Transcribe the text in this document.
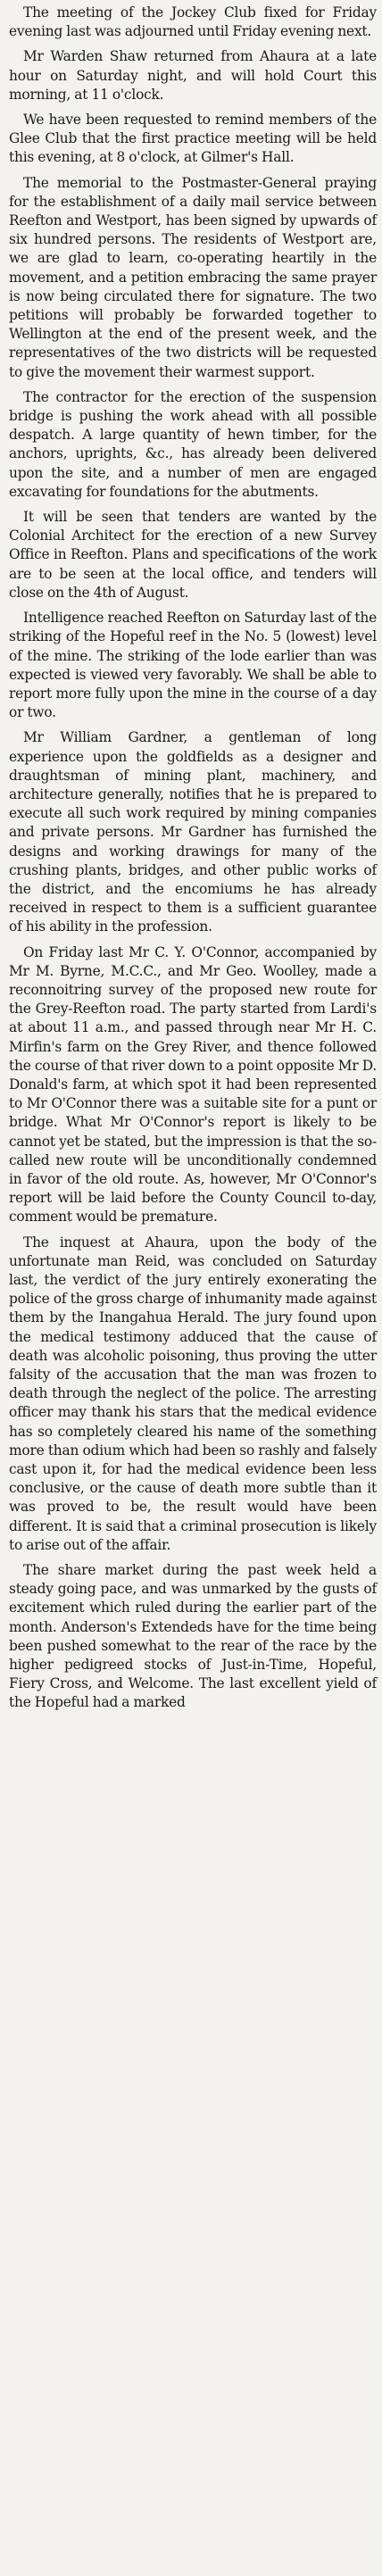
The meeting of the Jockey Club fixed for Friday evening last was adjourned until Friday evening next.

Mr Warden Shaw returned from Ahaura at a late hour on Saturday night, and will hold Court this morning, at 11 o'clock.

We have been requested to remind members of the Glee Club that the first practice meeting will be held this evening, at 8 o'clock, at Gilmer's Hall.

The memorial to the Postmaster-General praying for the establishment of a daily mail service between Reefton and Westport, has been signed by upwards of six hundred persons. The residents of Westport are, we are glad to learn, co-operating heartily in the movement, and a petition embracing the same prayer is now being circulated there for signature. The two petitions will probably be forwarded together to Wellington at the end of the present week, and the representatives of the two districts will be requested to give the movement their warmest support.

The contractor for the erection of the suspension bridge is pushing the work ahead with all possible despatch. A large quantity of hewn timber, for the anchors, uprights, &c., has already been delivered upon the site, and a number of men are engaged excavating for foundations for the abutments.

It will be seen that tenders are wanted by the Colonial Architect for the erection of a new Survey Office in Reefton. Plans and specifications of the work are to be seen at the local office, and tenders will close on the 4th of August.

Intelligence reached Reefton on Saturday last of the striking of the Hopeful reef in the No. 5 (lowest) level of the mine. The striking of the lode earlier than was expected is viewed very favorably. We shall be able to report more fully upon the mine in the course of a day or two.

Mr William Gardner, a gentleman of long experience upon the goldfields as a designer and draughtsman of mining plant, machinery, and architecture generally, notifies that he is prepared to execute all such work required by mining companies and private persons. Mr Gardner has furnished the designs and working drawings for many of the crushing plants, bridges, and other public works of the district, and the encomiums he has already received in respect to them is a sufficient guarantee of his ability in the profession.

On Friday last Mr C. Y. O'Connor, accompanied by Mr M. Byrne, M.C.C., and Mr Geo. Woolley, made a reconnoitring survey of the proposed new route for the Grey-Reefton road. The party started from Lardi's at about 11 a.m., and passed through near Mr H. C. Mirfin's farm on the Grey River, and thence followed the course of that river down to a point opposite Mr D. Donald's farm, at which spot it had been represented to Mr O'Connor there was a suitable site for a punt or bridge. What Mr O'Connor's report is likely to be cannot yet be stated, but the impression is that the so-called new route will be unconditionally condemned in favor of the old route. As, however, Mr O'Connor's report will be laid before the County Council to-day, comment would be premature.

The inquest at Ahaura, upon the body of the unfortunate man Reid, was concluded on Saturday last, the verdict of the jury entirely exonerating the police of the gross charge of inhumanity made against them by the Inangahua Herald. The jury found upon the medical testimony adduced that the cause of death was alcoholic poisoning, thus proving the utter falsity of the accusation that the man was frozen to death through the neglect of the police. The arresting officer may thank his stars that the medical evidence has so completely cleared his name of the something more than odium which had been so rashly and falsely cast upon it, for had the medical evidence been less conclusive, or the cause of death more subtle than it was proved to be, the result would have been different. It is said that a criminal prosecution is likely to arise out of the affair.

The share market during the past week held a steady going pace, and was unmarked by the gusts of excitement which ruled during the earlier part of the month. Anderson's Extendeds have for the time being been pushed somewhat to the rear of the race by the higher pedigreed stocks of Just-in-Time, Hopeful, Fiery Cross, and Welcome. The last excellent yield of the Hopeful had a marked
